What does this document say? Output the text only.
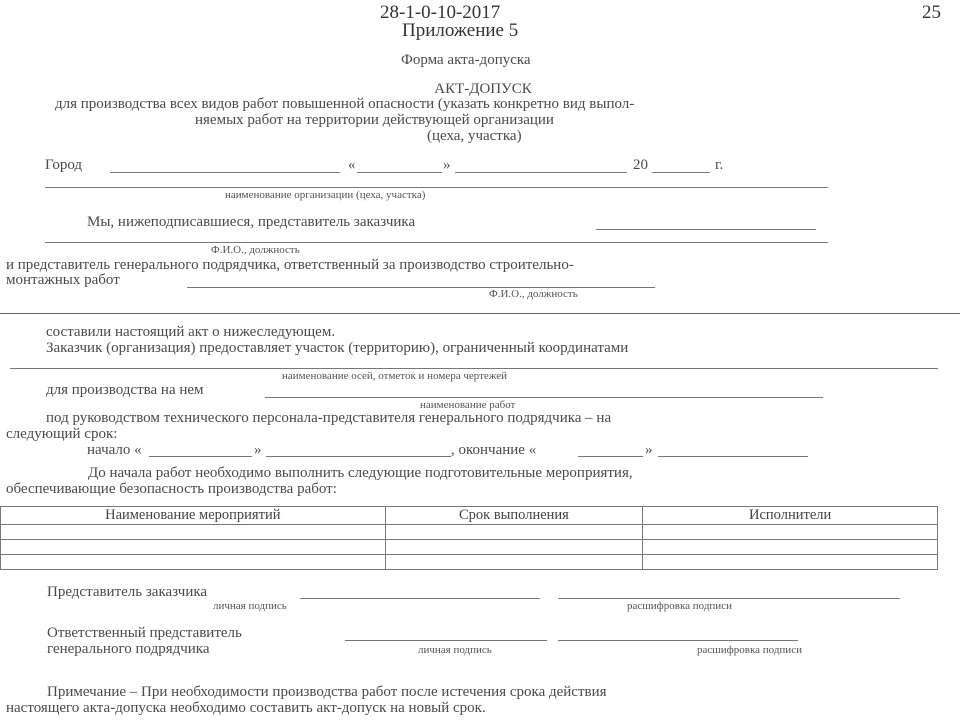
28-1-0-10-2017	25
Приложение 5
Форма акта-допуска
АКТ-ДОПУСК
для производства всех видов работ повышенной опасности (указать конкретно вид выпол-
няемых работ на территории действующей организации
(цеха, участка)
Город	«	»	20	г.
наименование организации (цеха, участка)
Мы, нижеподписавшиеся, представитель заказчика
Ф.И.О., должность
и представитель генерального подрядчика, ответственный за производство строительно-
монтажных работ
Ф.И.О., должность
составили настоящий акт о нижеследующем.
Заказчик (организация) предоставляет участок (территорию), ограниченный координатами
наименование осей, отметок и номера чертежей
для производства на нем
наименование работ
под руководством технического персонала-представителя генерального подрядчика – на
следующий срок:
начало «	»	, окончание «	»
До начала работ необходимо выполнить следующие подготовительные мероприятия,
обеспечивающие безопасность производства работ:
Наименование мероприятий	Срок выполнения	Исполнители

Представитель заказчика
личная подпись	расшифровка подписи
Ответственный представитель
генерального подрядчика	личная подпись	расшифровка подписи
Примечание – При необходимости производства работ после истечения срока действия
настоящего акта-допуска необходимо составить акт-допуск на новый срок.
